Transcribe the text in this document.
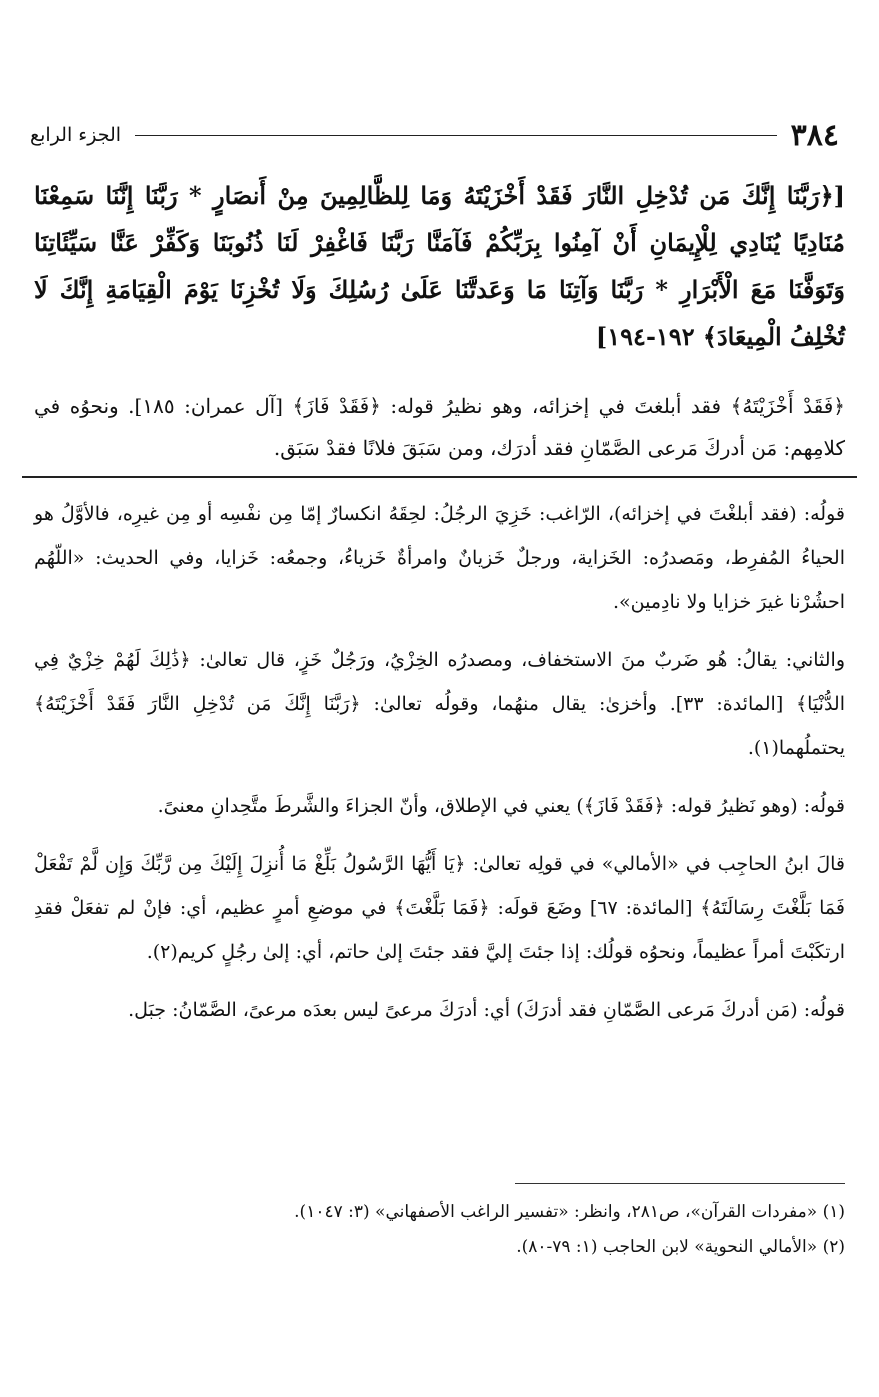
٣٨٤
الجزء الرابع
[﴿رَبَّنَا إِنَّكَ مَن تُدْخِلِ النَّارَ فَقَدْ أَخْزَيْتَهُ وَمَا لِلظَّالِمِينَ مِنْ أَنصَارٍ * رَبَّنَا إِنَّنَا سَمِعْنَا مُنَادِيًا يُنَادِي لِلْإِيمَانِ أَنْ آمِنُوا بِرَبِّكُمْ فَآمَنَّا رَبَّنَا فَاغْفِرْ لَنَا ذُنُوبَنَا وَكَفِّرْ عَنَّا سَيِّئَاتِنَا وَتَوَفَّنَا مَعَ الْأَبْرَارِ * رَبَّنَا وَآتِنَا مَا وَعَدتَّنَا عَلَىٰ رُسُلِكَ وَلَا تُخْزِنَا يَوْمَ الْقِيَامَةِ إِنَّكَ لَا تُخْلِفُ الْمِيعَادَ﴾ ١٩٢-١٩٤]
﴿فَقَدْ أَخْزَيْتَهُ﴾ فقد أبلغتَ في إخزائه، وهو نظيرُ قوله: ﴿فَقَدْ فَازَ﴾ [آل عمران: ١٨٥]. ونحوُه في كلامِهم: مَن أدركَ مَرعى الصَّمّانِ فقد أدرَك، ومن سَبَقَ فلانًا فقدْ سَبَق.

قولُه: (فقد أبلغْتَ في إخزائه)، الرّاغب: خَزِيَ الرجُلُ: لحِقَهُ انكسارٌ إمّا مِن نفْسِه أو مِن غيرِه، فالأوَّلُ هو الحياءُ المُفرِط، ومَصدرُه: الخَزاية، ورجلٌ خَزيانٌ وامرأةٌ خَزياءُ، وجمعُه: خَزايا، وفي الحديث: «اللّهُم احشُرْنا غيرَ خزايا ولا نادِمين».

والثاني: يقالُ: هُو ضَربٌ منَ الاستخفاف، ومصدرُه الخِزْيُ، ورَجُلٌ خَزٍ، قال تعالىٰ: ﴿ذَٰلِكَ لَهُمْ خِزْيٌ فِي الدُّنْيَا﴾ [المائدة: ٣٣]. وأخزىٰ: يقال منهُما، وقولُه تعالىٰ: ﴿رَبَّنَا إِنَّكَ مَن تُدْخِلِ النَّارَ فَقَدْ أَخْزَيْتَهُ﴾ يحتملُهما(١).

قولُه: (وهو نَظيرُ قوله: ﴿فَقَدْ فَازَ﴾) يعني في الإطلاق، وأنّ الجزاءَ والشَّرطَ متَّحِدانِ معنىً.

قالَ ابنُ الحاجِب في «الأمالي» في قولِه تعالىٰ: ﴿يَا أَيُّهَا الرَّسُولُ بَلِّغْ مَا أُنزِلَ إِلَيْكَ مِن رَّبِّكَ وَإِن لَّمْ تَفْعَلْ فَمَا بَلَّغْتَ رِسَالَتَهُ﴾ [المائدة: ٦٧] وضَعَ قولَه: ﴿فَمَا بَلَّغْتَ﴾ في موضعِ أمرٍ عظيم، أي: فإنْ لم تفعَلْ فقدِ ارتكَبْتَ أمراً عظيماً، ونحوُه قولُك: إذا جئتَ إليَّ فقد جئتَ إلىٰ حاتم، أي: إلىٰ رجُلٍ كريم(٢).

قولُه: (مَن أدركَ مَرعى الصَّمّانِ فقد أدرَكَ) أي: أدرَكَ مرعىً ليس بعدَه مرعىً، الصَّمّانُ: جبَل.

(١) «مفردات القرآن»، ص٢٨١، وانظر: «تفسير الراغب الأصفهاني» (٣: ١٠٤٧).
(٢) «الأمالي النحوية» لابن الحاجب (١: ٧٩-٨٠).
